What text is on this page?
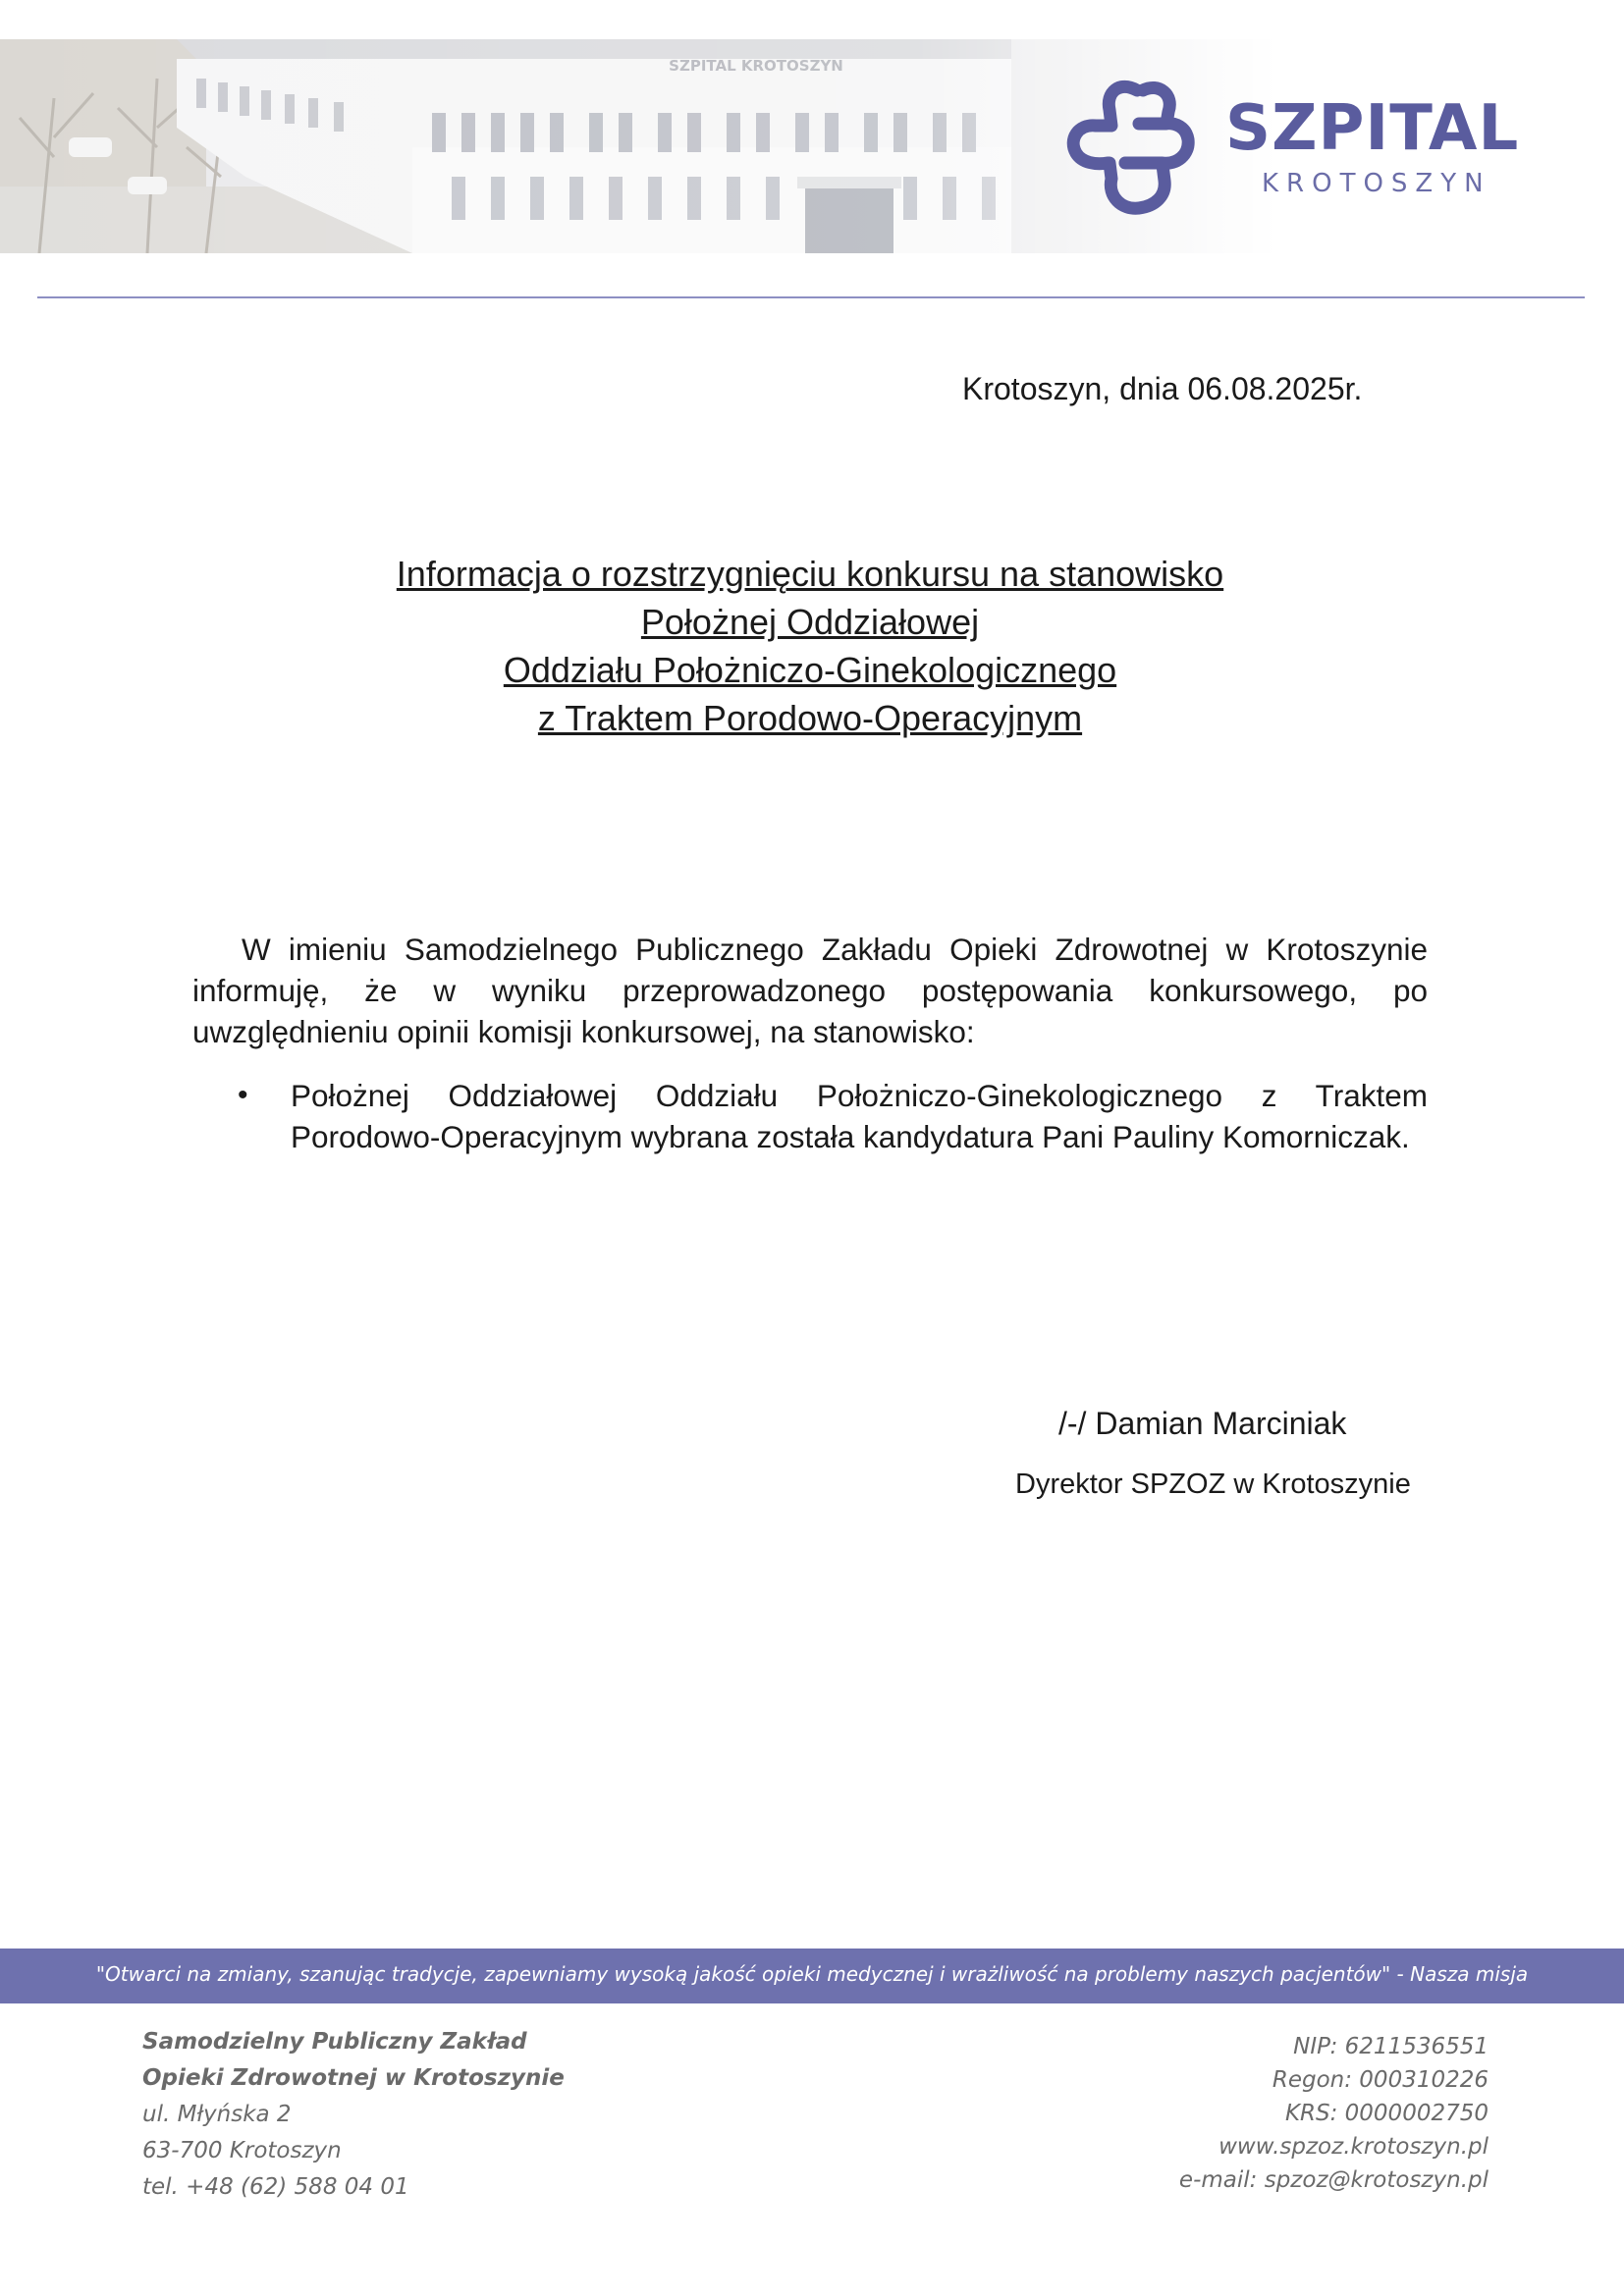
SZPITAL
KROTOSZYN
Krotoszyn, dnia 06.08.2025r.
Informacja o rozstrzygnięciu konkursu na stanowisko
Położnej Oddziałowej
Oddziału Położniczo-Ginekologicznego
z Traktem Porodowo-Operacyjnym
W imieniu Samodzielnego Publicznego Zakładu Opieki Zdrowotnej w Krotoszynie informuję, że w wyniku przeprowadzonego postępowania konkursowego, po uwzględnieniu opinii komisji konkursowej, na stanowisko:
• Położnej Oddziałowej Oddziału Położniczo-Ginekologicznego z Traktem Porodowo-Operacyjnym wybrana została kandydatura Pani Pauliny Komorniczak.
/-/ Damian Marciniak
Dyrektor SPZOZ w Krotoszynie
"Otwarci na zmiany, szanując tradycje, zapewniamy wysoką jakość opieki medycznej i wrażliwość na problemy naszych pacjentów" - Nasza misja
Samodzielny Publiczny Zakład
Opieki Zdrowotnej w Krotoszynie
ul. Młyńska 2
63-700 Krotoszyn
tel. +48 (62) 588 04 01
NIP: 6211536551
Regon: 000310226
KRS: 0000002750
www.spzoz.krotoszyn.pl
e-mail: spzoz@krotoszyn.pl
